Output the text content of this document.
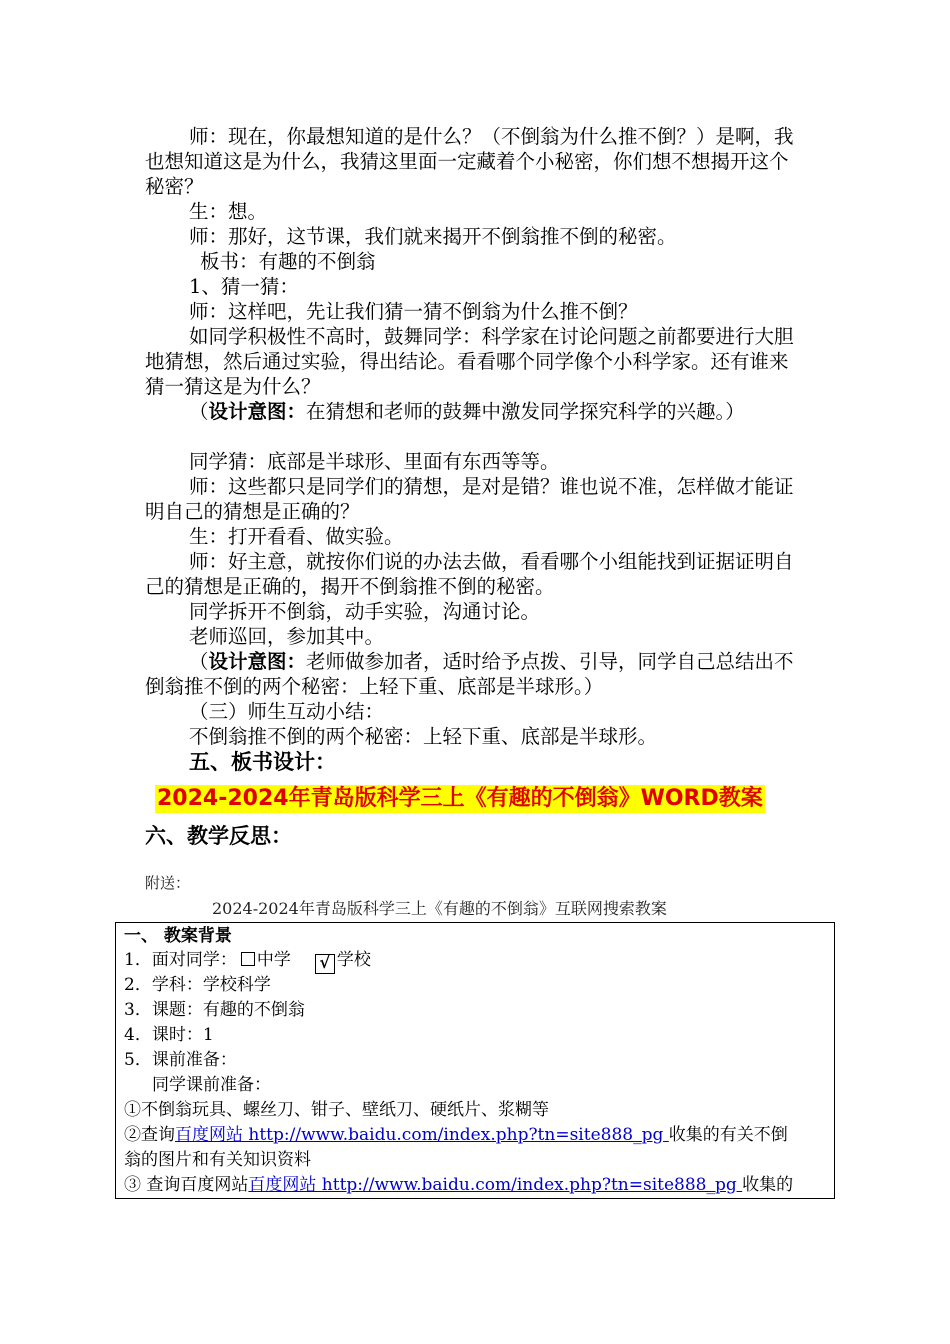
师：现在，你最想知道的是什么？（不倒翁为什么推不倒？）是啊，我也想知道这是为什么，我猜这里面一定藏着个小秘密，你们想不想揭开这个秘密？

生：想。

师：那好，这节课，我们就来揭开不倒翁推不倒的秘密。

板书：有趣的不倒翁

1、猜一猜：

师：这样吧，先让我们猜一猜不倒翁为什么推不倒？

如同学积极性不高时，鼓舞同学：科学家在讨论问题之前都要进行大胆地猜想，然后通过实验，得出结论。看看哪个同学像个小科学家。还有谁来猜一猜这是为什么？

（设计意图：在猜想和老师的鼓舞中激发同学探究科学的兴趣。）

同学猜：底部是半球形、里面有东西等等。

师：这些都只是同学们的猜想，是对是错？谁也说不准，怎样做才能证明自己的猜想是正确的？

生：打开看看、做实验。

师：好主意，就按你们说的办法去做，看看哪个小组能找到证据证明自己的猜想是正确的，揭开不倒翁推不倒的秘密。

同学拆开不倒翁，动手实验，沟通讨论。

老师巡回，参加其中。

（设计意图：老师做参加者，适时给予点拨、引导，同学自己总结出不倒翁推不倒的两个秘密：上轻下重、底部是半球形。）

（三）师生互动小结：

不倒翁推不倒的两个秘密：上轻下重、底部是半球形。

五、板书设计：

2024-2024年青岛版科学三上《有趣的不倒翁》WORD教案

六、教学反思：

附送：
2024-2024年青岛版科学三上《有趣的不倒翁》互联网搜索教案
一、 教案背景
1．面对同学： 中学 √ 学校
2．学科：学校科学
3．课题：有趣的不倒翁
4．课时：1
5．课前准备：
同学课前准备：
①不倒翁玩具、螺丝刀、钳子、壁纸刀、硬纸片、浆糊等
②查询百度网站 http://www.baidu.com/index.php?tn=site888_pg 收集的有关不倒
翁的图片和有关知识资料
③ 查询百度网站百度网站 http://www.baidu.com/index.php?tn=site888_pg 收集的
